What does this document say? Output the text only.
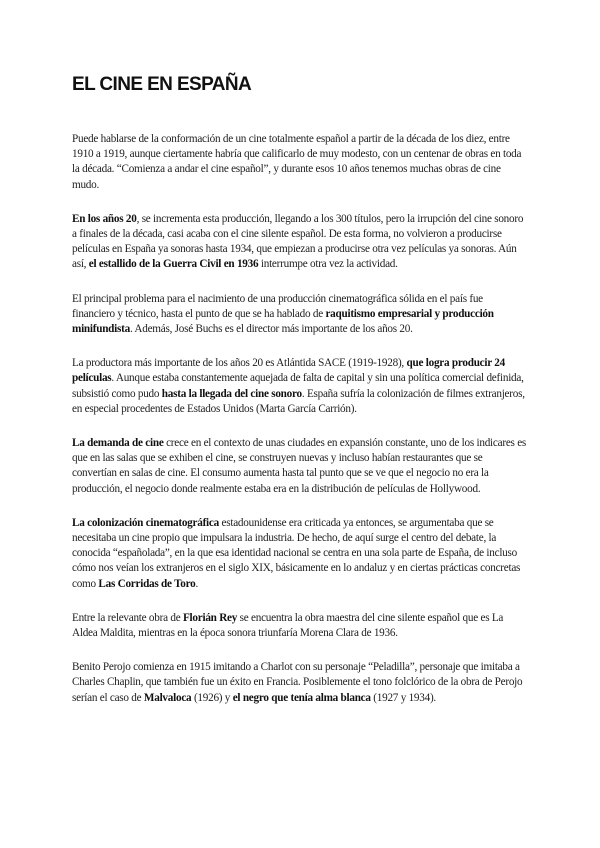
EL CINE EN ESPAÑA

Puede hablarse de la conformación de un cine totalmente español a partir de la década de los diez, entre 1910 a 1919, aunque ciertamente habría que calificarlo de muy modesto, con un centenar de obras en toda la década. “Comienza a andar el cine español”, y durante esos 10 años tenemos muchas obras de cine mudo.

En los años 20, se incrementa esta producción, llegando a los 300 títulos, pero la irrupción del cine sonoro a finales de la década, casi acaba con el cine silente español. De esta forma, no volvieron a producirse películas en España ya sonoras hasta 1934, que empiezan a producirse otra vez películas ya sonoras. Aún así, el estallido de la Guerra Civil en 1936 interrumpe otra vez la actividad.

El principal problema para el nacimiento de una producción cinematográfica sólida en el país fue financiero y técnico, hasta el punto de que se ha hablado de raquitismo empresarial y producción minifundista. Además, José Buchs es el director más importante de los años 20.

La productora más importante de los años 20 es Atlántida SACE (1919-1928), que logra producir 24 películas. Aunque estaba constantemente aquejada de falta de capital y sin una política comercial definida, subsistió como pudo hasta la llegada del cine sonoro. España sufría la colonización de filmes extranjeros, en especial procedentes de Estados Unidos (Marta García Carrión).

La demanda de cine crece en el contexto de unas ciudades en expansión constante, uno de los indicares es que en las salas que se exhiben el cine, se construyen nuevas y incluso habían restaurantes que se convertían en salas de cine. El consumo aumenta hasta tal punto que se ve que el negocio no era la producción, el negocio donde realmente estaba era en la distribución de películas de Hollywood.

La colonización cinematográfica estadounidense era criticada ya entonces, se argumentaba que se necesitaba un cine propio que impulsara la industria. De hecho, de aquí surge el centro del debate, la conocida “españolada”, en la que esa identidad nacional se centra en una sola parte de España, de incluso cómo nos veían los extranjeros en el siglo XIX, básicamente en lo andaluz y en ciertas prácticas concretas como Las Corridas de Toro.

Entre la relevante obra de Florián Rey se encuentra la obra maestra del cine silente español que es La Aldea Maldita, mientras en la época sonora triunfaría Morena Clara de 1936.

Benito Perojo comienza en 1915 imitando a Charlot con su personaje “Peladilla”, personaje que imitaba a Charles Chaplin, que también fue un éxito en Francia. Posiblemente el tono folclórico de la obra de Perojo serían el caso de Malvaloca (1926) y el negro que tenía alma blanca (1927 y 1934).
